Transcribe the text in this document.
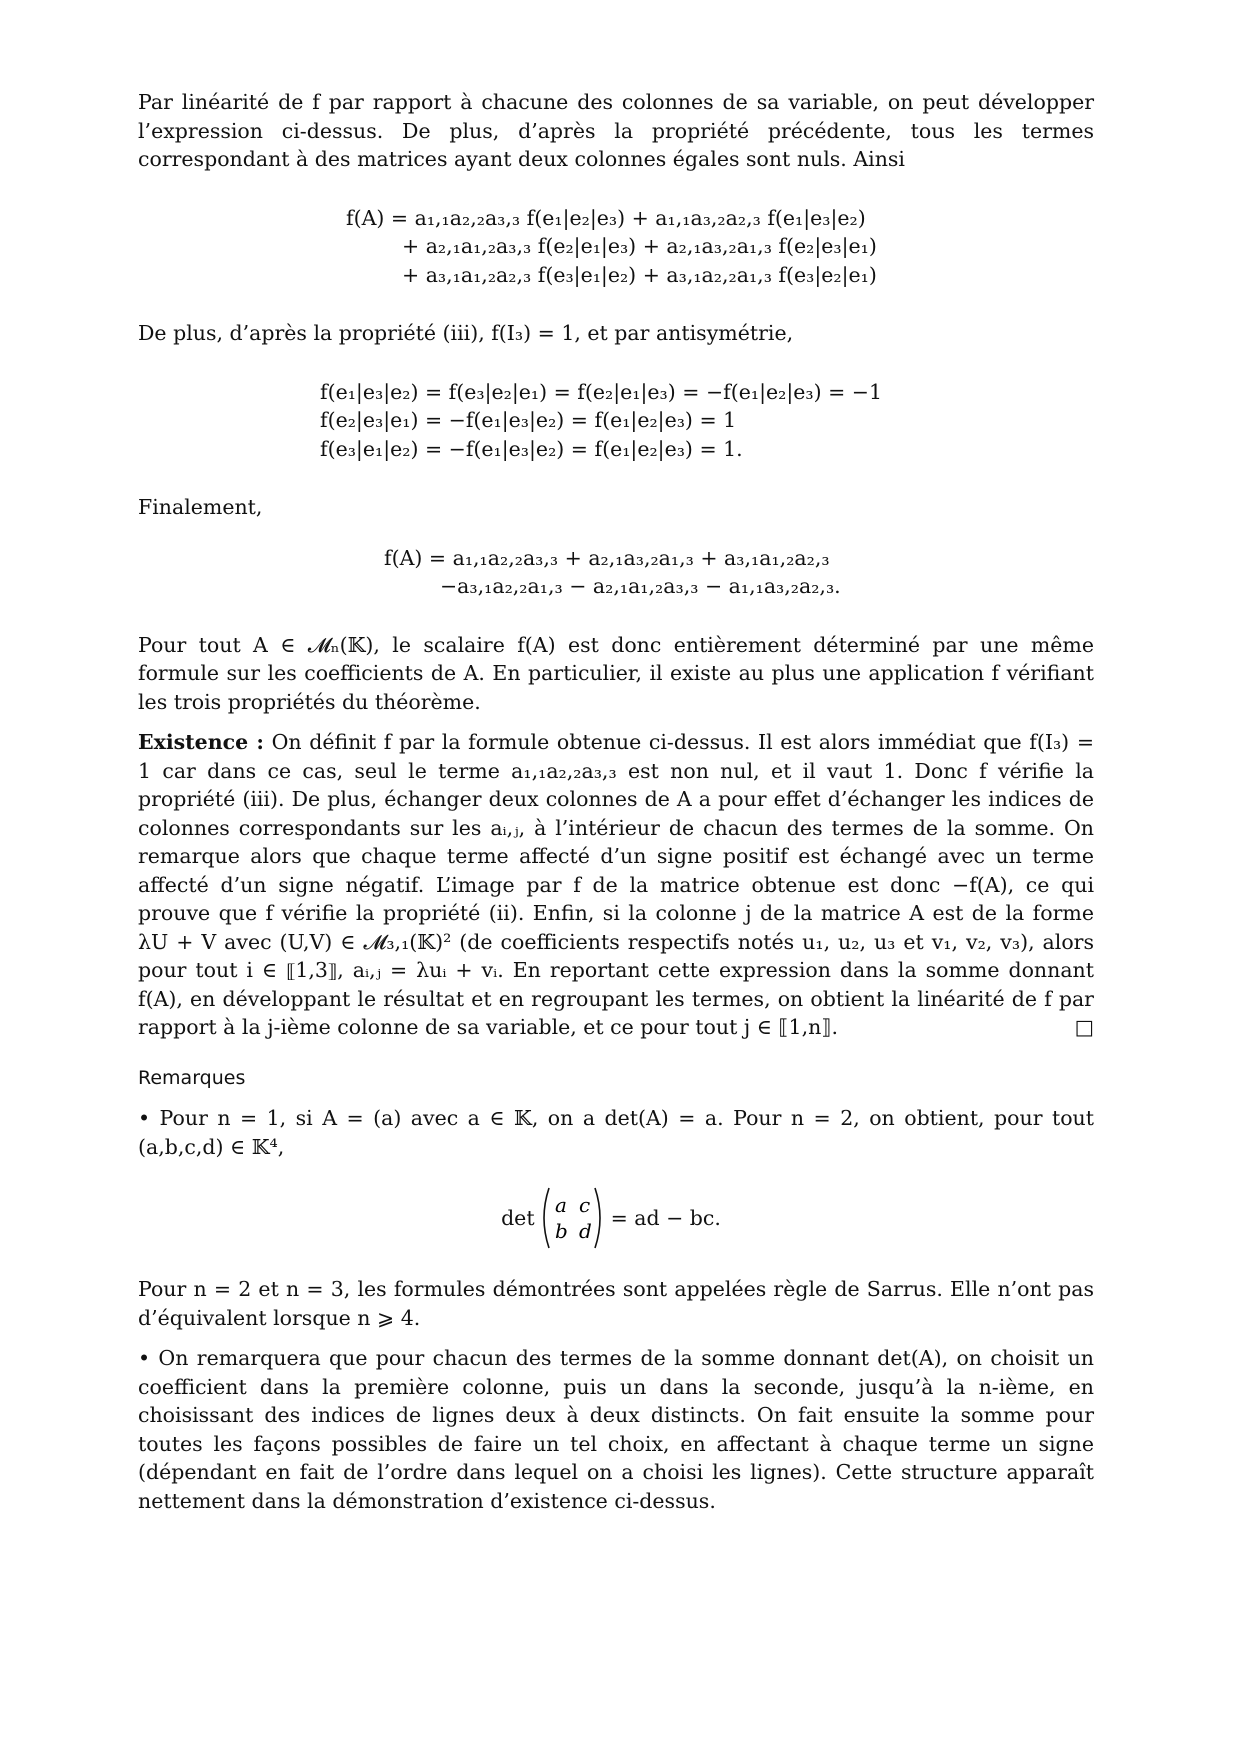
Par linéarité de f par rapport à chacune des colonnes de sa variable, on peut développer l’expression ci-dessus. De plus, d’après la propriété précédente, tous les termes correspondant à des matrices ayant deux colonnes égales sont nuls. Ainsi

f(A) = a₁,₁a₂,₂a₃,₃ f(e₁|e₂|e₃) + a₁,₁a₃,₂a₂,₃ f(e₁|e₃|e₂)
+ a₂,₁a₁,₂a₃,₃ f(e₂|e₁|e₃) + a₂,₁a₃,₂a₁,₃ f(e₂|e₃|e₁)
+ a₃,₁a₁,₂a₂,₃ f(e₃|e₁|e₂) + a₃,₁a₂,₂a₁,₃ f(e₃|e₂|e₁)

De plus, d’après la propriété (iii), f(I₃) = 1, et par antisymétrie,

f(e₁|e₃|e₂) = f(e₃|e₂|e₁) = f(e₂|e₁|e₃) = −f(e₁|e₂|e₃) = −1
f(e₂|e₃|e₁) = −f(e₁|e₃|e₂) = f(e₁|e₂|e₃) = 1
f(e₃|e₁|e₂) = −f(e₁|e₃|e₂) = f(e₁|e₂|e₃) = 1.

Finalement,

f(A) = a₁,₁a₂,₂a₃,₃ + a₂,₁a₃,₂a₁,₃ + a₃,₁a₁,₂a₂,₃
−a₃,₁a₂,₂a₁,₃ − a₂,₁a₁,₂a₃,₃ − a₁,₁a₃,₂a₂,₃.

Pour tout A ∈ 𝓜ₙ(𝕂), le scalaire f(A) est donc entièrement déterminé par une même formule sur les coefficients de A. En particulier, il existe au plus une application f vérifiant les trois propriétés du théorème.

Existence : On définit f par la formule obtenue ci-dessus. Il est alors immédiat que f(I₃) = 1 car dans ce cas, seul le terme a₁,₁a₂,₂a₃,₃ est non nul, et il vaut 1. Donc f vérifie la propriété (iii). De plus, échanger deux colonnes de A a pour effet d’échanger les indices de colonnes correspondants sur les aᵢ,ⱼ, à l’intérieur de chacun des termes de la somme. On remarque alors que chaque terme affecté d’un signe positif est échangé avec un terme affecté d’un signe négatif. L’image par f de la matrice obtenue est donc −f(A), ce qui prouve que f vérifie la propriété (ii). Enfin, si la colonne j de la matrice A est de la forme λU + V avec (U,V) ∈ 𝓜₃,₁(𝕂)² (de coefficients respectifs notés u₁, u₂, u₃ et v₁, v₂, v₃), alors pour tout i ∈ ⟦1,3⟧, aᵢ,ⱼ = λuᵢ + vᵢ. En reportant cette expression dans la somme donnant f(A), en développant le résultat et en regroupant les termes, on obtient la linéarité de f par rapport à la j-ième colonne de sa variable, et ce pour tout j ∈ ⟦1,n⟧.	□

Remarques

• Pour n = 1, si A = (a) avec a ∈ 𝕂, on a det(A) = a. Pour n = 2, on obtient, pour tout (a,b,c,d) ∈ 𝕂⁴,

det
a c
b d
= ad − bc.

Pour n = 2 et n = 3, les formules démontrées sont appelées règle de Sarrus. Elle n’ont pas d’équivalent lorsque n ⩾ 4.

• On remarquera que pour chacun des termes de la somme donnant det(A), on choisit un coefficient dans la première colonne, puis un dans la seconde, jusqu’à la n-ième, en choisissant des indices de lignes deux à deux distincts. On fait ensuite la somme pour toutes les façons possibles de faire un tel choix, en affectant à chaque terme un signe (dépendant en fait de l’ordre dans lequel on a choisi les lignes). Cette structure apparaît nettement dans la démonstration d’existence ci-dessus.
